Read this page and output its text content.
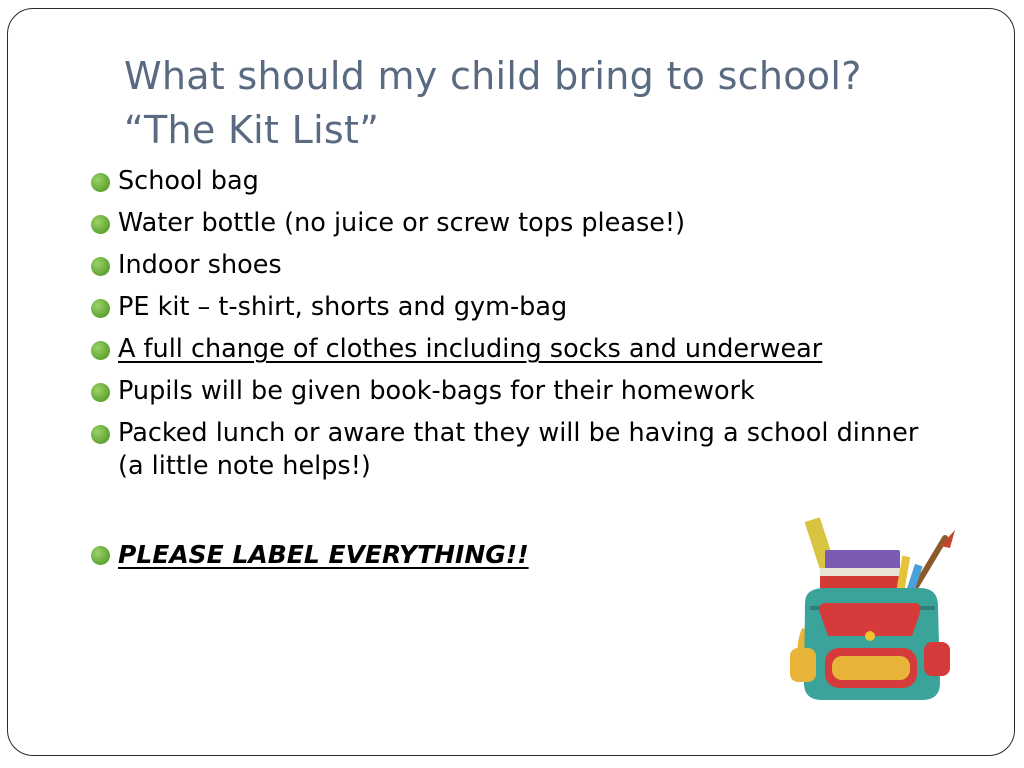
What should my child bring to school?
“The Kit List”
School bag
Water bottle (no juice or screw tops please!)
Indoor shoes
PE kit – t-shirt, shorts and gym-bag
A full change of clothes including socks and underwear
Pupils will be given book-bags for their homework
Packed lunch or aware that they will be having a school dinner (a little note helps!)
PLEASE LABEL EVERYTHING!!
